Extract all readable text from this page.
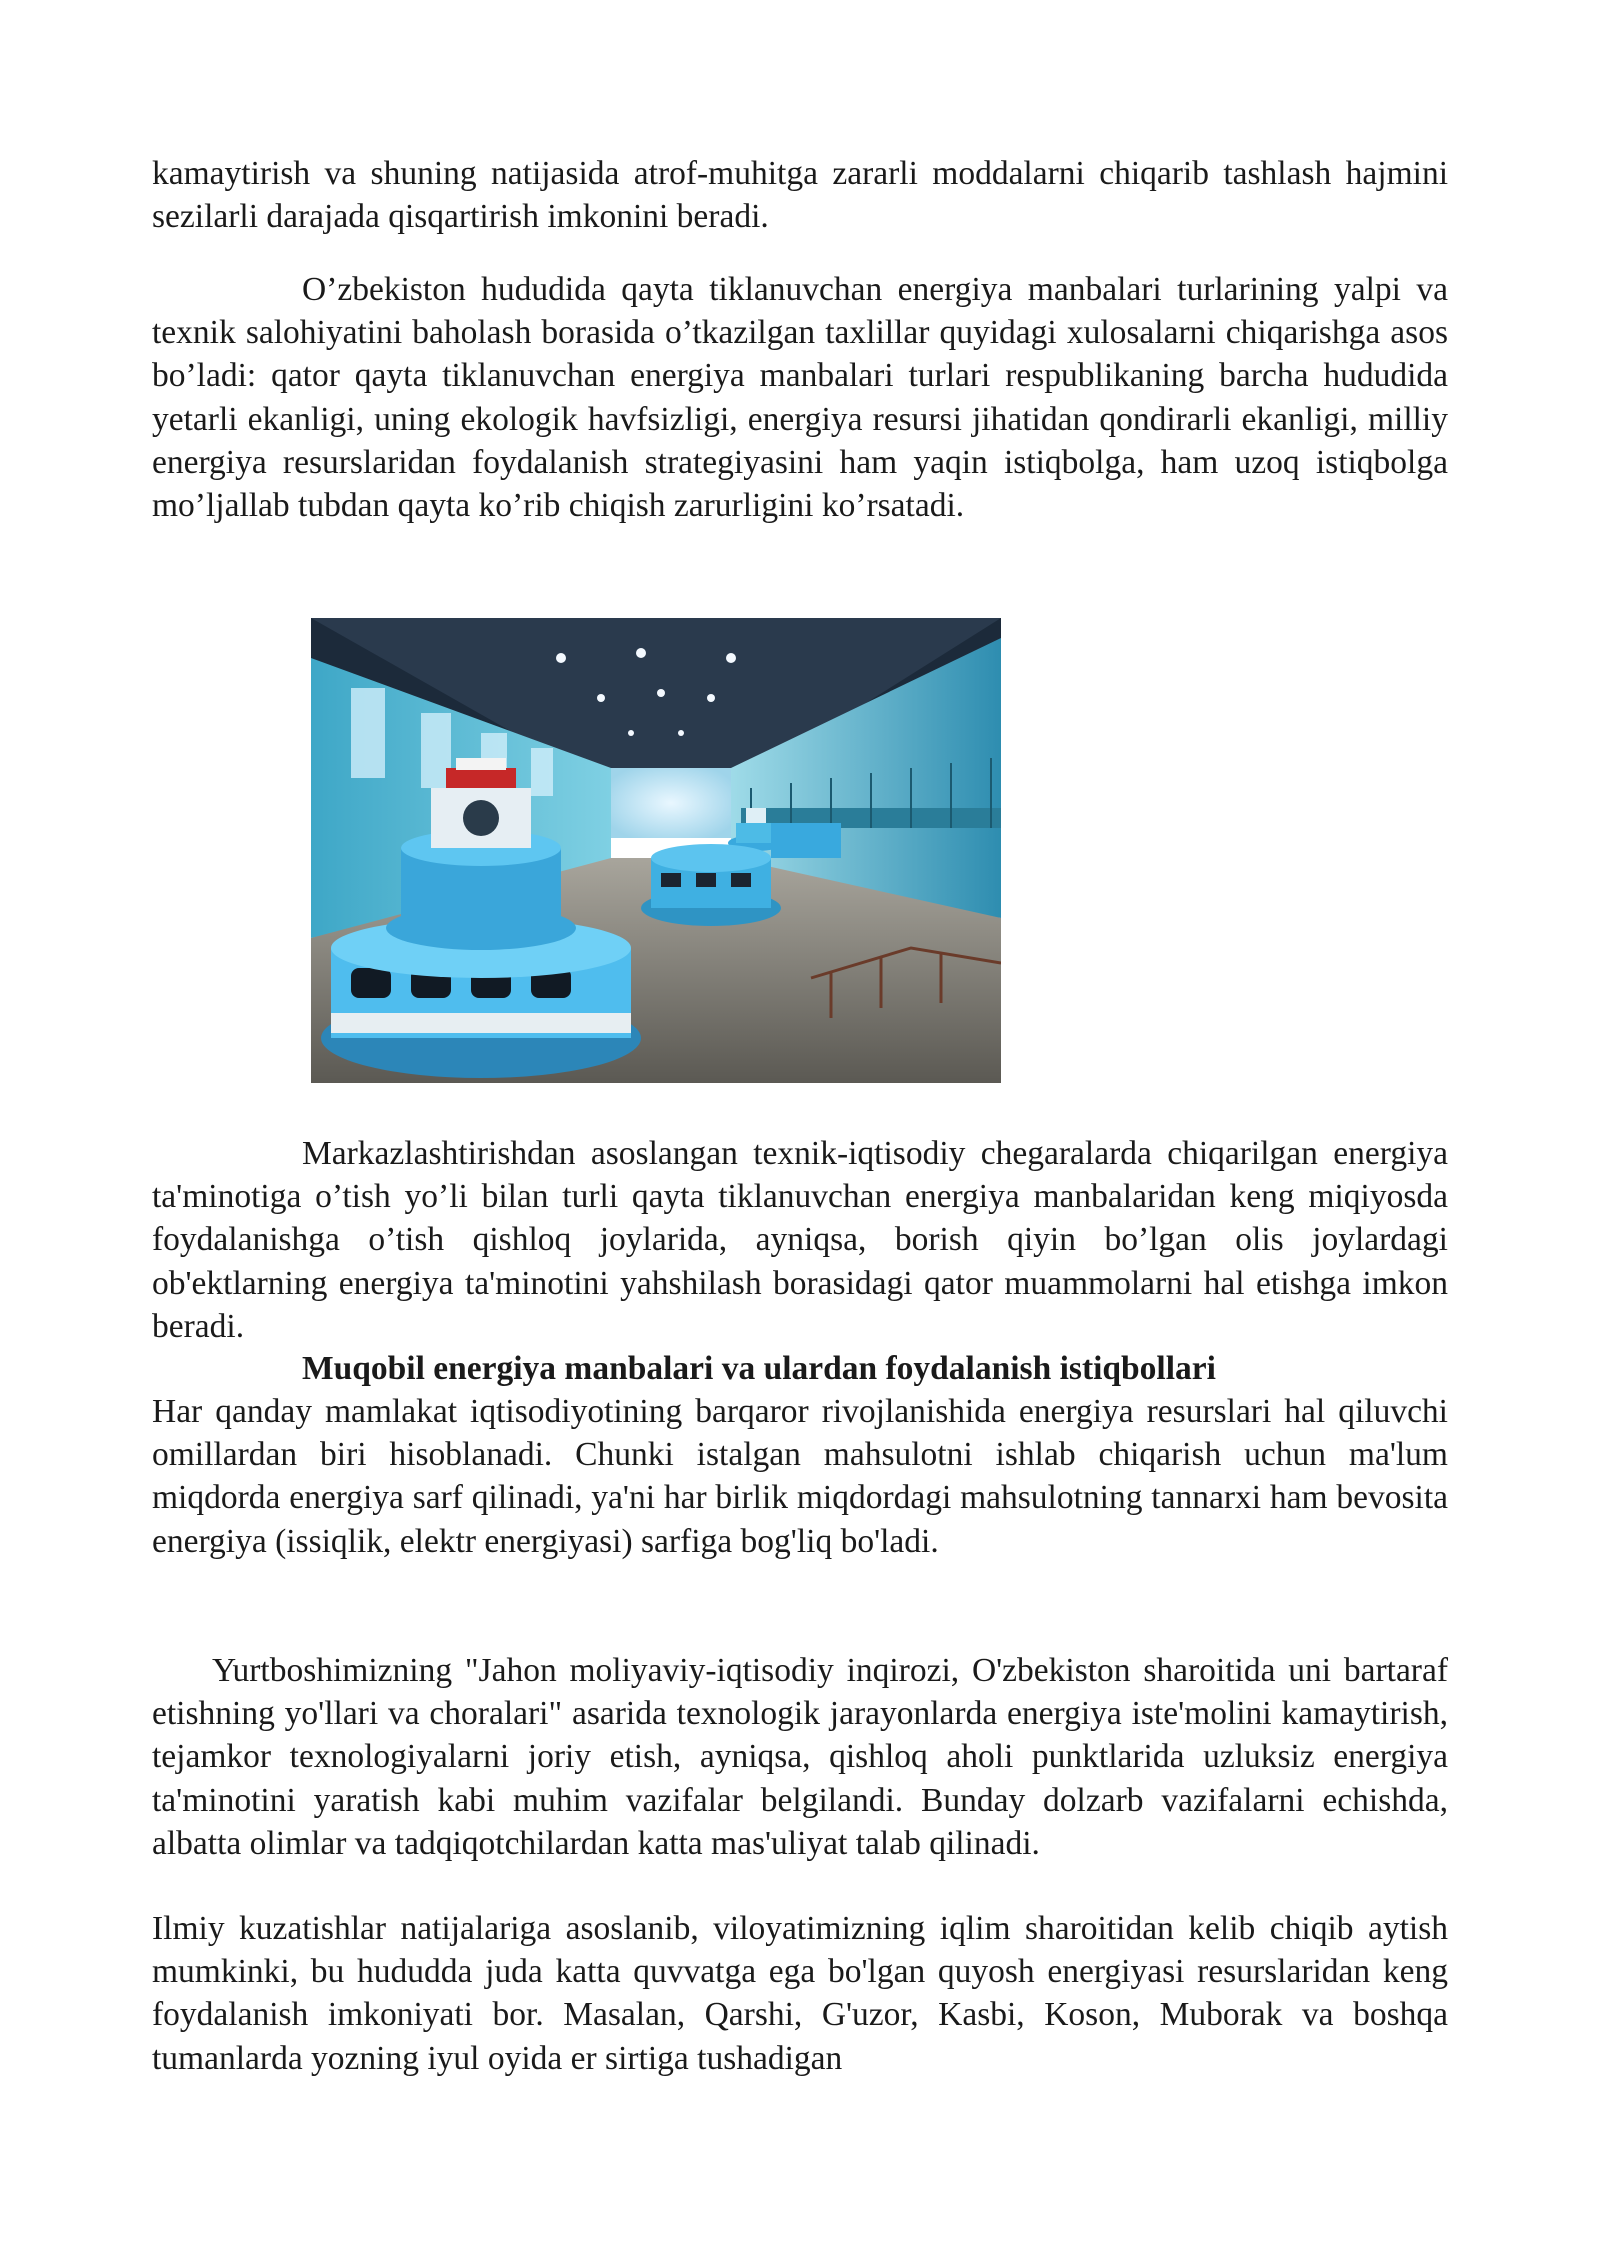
kamaytirish va shuning natijasida atrof-muhitga zararli moddalarni chiqarib tashlash hajmini sezilarli darajada qisqartirish imkonini beradi.

O’zbekiston hududida qayta tiklanuvchan energiya manbalari turlarining yalpi va texnik salohiyatini baholash borasida o’tkazilgan taxlillar quyidagi xulosalarni chiqarishga asos bo’ladi: qator qayta tiklanuvchan energiya manbalari turlari respublikaning barcha hududida yetarli ekanligi, uning ekologik havfsizligi, energiya resursi jihatidan qondirarli ekanligi, milliy energiya resurslaridan foydalanish strategiyasini ham yaqin istiqbolga, ham uzoq istiqbolga mo’ljallab tubdan qayta ko’rib chiqish zarurligini ko’rsatadi.

Markazlashtirishdan asoslangan texnik-iqtisodiy chegaralarda chiqarilgan energiya ta'minotiga o’tish yo’li bilan turli qayta tiklanuvchan energiya manbalaridan keng miqiyosda foydalanishga o’tish qishloq joylarida, ayniqsa, borish qiyin bo’lgan olis joylardagi ob'ektlarning energiya ta'minotini yahshilash borasidagi qator muammolarni hal etishga imkon beradi.

Muqobil energiya manbalari va ulardan foydalanish istiqbollari

Har qanday mamlakat iqtisodiyotining barqaror rivojlanishida energiya resurslari hal qiluvchi omillardan biri hisoblanadi. Chunki istalgan mahsulotni ishlab chiqarish uchun ma'lum miqdorda energiya sarf qilinadi, ya'ni har birlik miqdordagi mahsulotning tannarxi ham bevosita energiya (issiqlik, elektr energiyasi) sarfiga bog'liq bo'ladi.

Yurtboshimizning "Jahon moliyaviy-iqtisodiy inqirozi, O'zbekiston sharoitida uni bartaraf etishning yo'llari va choralari" asarida texnologik jarayonlarda energiya iste'molini kamaytirish, tejamkor texnologiyalarni joriy etish, ayniqsa, qishloq aholi punktlarida uzluksiz energiya ta'minotini yaratish kabi muhim vazifalar belgilandi. Bunday dolzarb vazifalarni echishda, albatta olimlar va tadqiqotchilardan katta mas'uliyat talab qilinadi.

Ilmiy kuzatishlar natijalariga asoslanib, viloyatimizning iqlim sharoitidan kelib chiqib aytish mumkinki, bu hududda juda katta quvvatga ega bo'lgan quyosh energiyasi resurslaridan keng foydalanish imkoniyati bor. Masalan, Qarshi, G'uzor, Kasbi, Koson, Muborak va boshqa tumanlarda yozning iyul oyida er sirtiga tushadigan
